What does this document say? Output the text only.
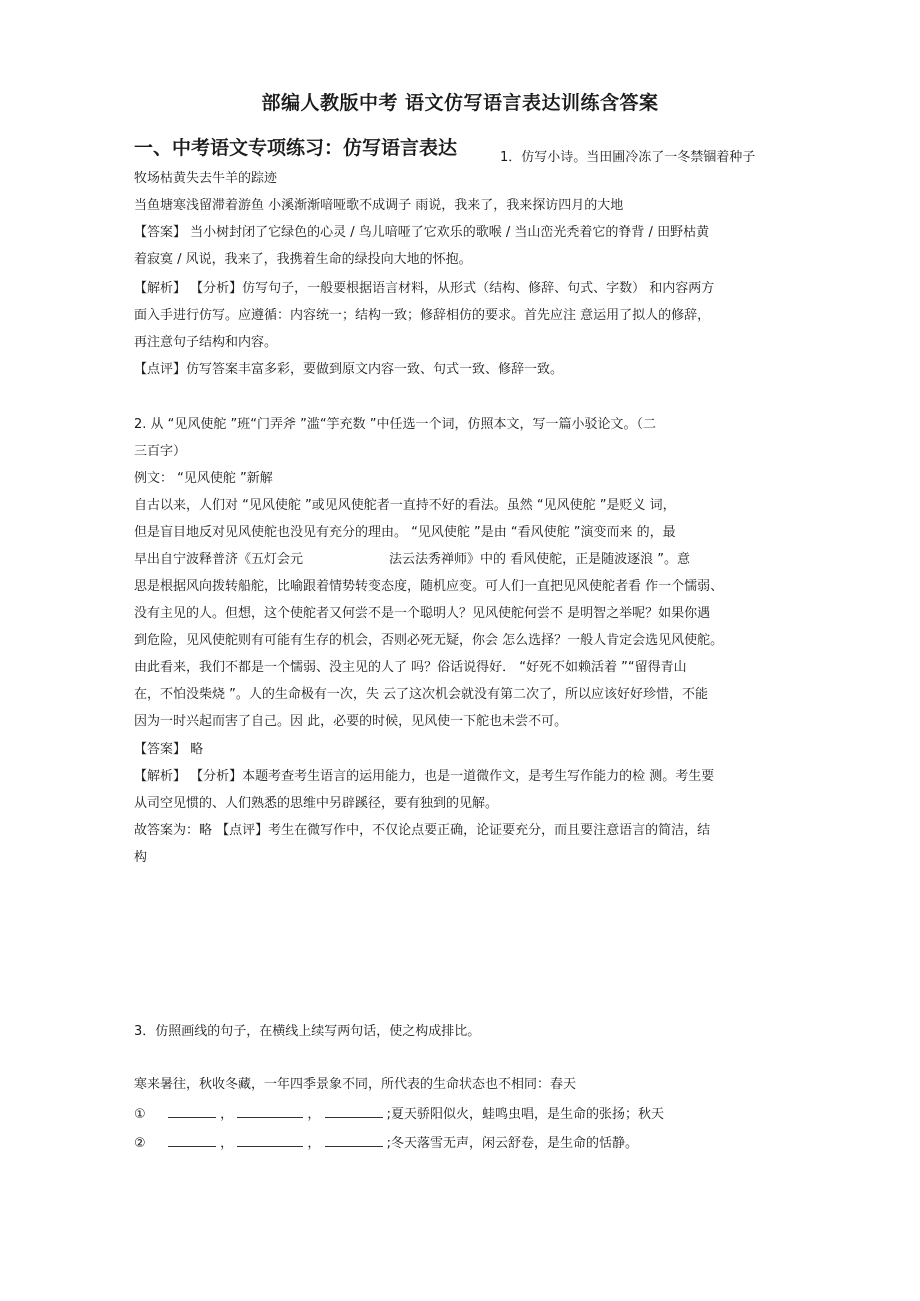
部编人教版中考 语文仿写语言表达训练含答案
一、中考语文专项练习：仿写语言表达	1．仿写小诗。当田圃冷冻了一冬禁锢着种子
牧场枯黄失去牛羊的踪迹
当鱼塘寒浅留滞着游鱼 小溪渐渐喑哑歌不成调子 雨说，我来了，我来探访四月的大地
【答案】 当小树封闭了它绿色的心灵 / 鸟儿喑哑了它欢乐的歌喉 / 当山峦光秃着它的脊背 / 田野枯黄
着寂寞 / 风说，我来了，我携着生命的绿投向大地的怀抱。
【解析】 【分析】仿写句子，一般要根据语言材料，从形式（结构、修辞、句式、字数） 和内容两方
面入手进行仿写。应遵循：内容统一；结构一致；修辞相仿的要求。首先应注 意运用了拟人的修辞，
再注意句子结构和内容。
【点评】仿写答案丰富多彩，要做到原文内容一致、句式一致、修辞一致。
2. 从 “见风使舵 ”班“门弄斧 ”滥“竽充数 ”中任选一个词，仿照本文，写一篇小驳论文。（二
三百字）
例文： “见风使舵 ”新解
自古以来，人们对 “见风使舵 ”或见风使舵者一直持不好的看法。虽然 “见风使舵 ”是贬义 词，
但是盲目地反对见风使舵也没见有充分的理由。 “见风使舵 ”是由 “看风使舵 ”演变而来 的，最
早出自宁波释普济《五灯会元	法云法秀禅师》中的 看风使舵，正是随波逐浪 ”。意
思是根据风向拨转船舵，比喻跟着情势转变态度，随机应变。可人们一直把见风使舵者看 作一个懦弱、
没有主见的人。但想，这个使舵者又何尝不是一个聪明人？见风使舵何尝不 是明智之举呢？如果你遇
到危险，见风使舵则有可能有生存的机会，否则必死无疑，你会 怎么选择？一般人肯定会选见风使舵。
由此看来，我们不都是一个懦弱、没主见的人了 吗？俗话说得好． “好死不如赖活着 ”“留得青山
在，不怕没柴烧 ”。人的生命极有一次，失 云了这次机会就没有第二次了，所以应该好好珍惜，不能
因为一时兴起而害了自己。因 此，必要的时候，见风使一下舵也未尝不可。
【答案】 略
【解析】 【分析】本题考查考生语言的运用能力，也是一道微作文，是考生写作能力的检 测。考生要
从司空见惯的、人们熟悉的思维中另辟蹊径，要有独到的见解。
故答案为：略 【点评】考生在微写作中，不仅论点要正确，论证要充分，而且要注意语言的简洁，结
构
3．仿照画线的句子，在横线上续写两句话，使之构成排比。
寒来暑往，秋收冬藏，一年四季景象不同，所代表的生命状态也不相同：春天
①	，	，	;夏天骄阳似火，蛙鸣虫唱，是生命的张扬；秋天
②	，	，	;冬天落雪无声，闲云舒卷，是生命的恬静。
